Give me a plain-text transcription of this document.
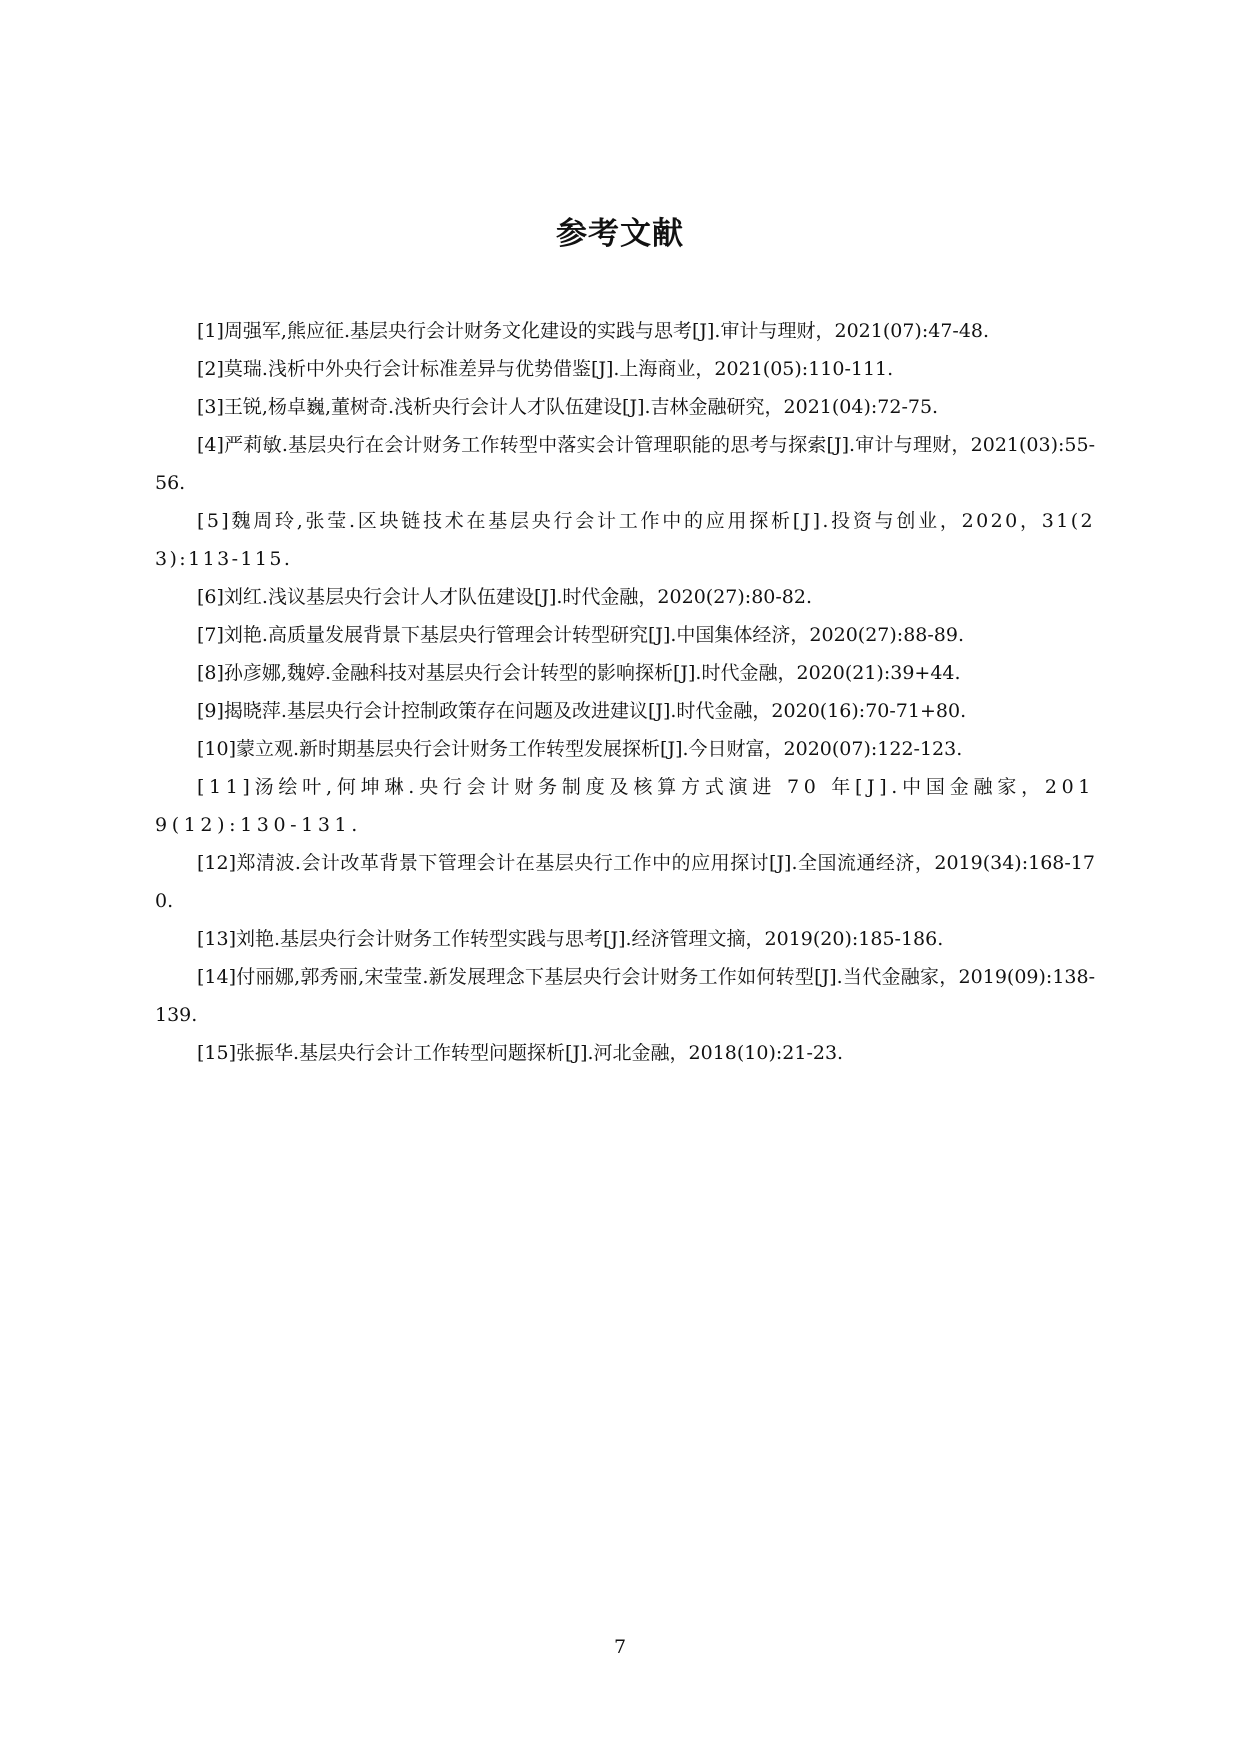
参考文献
[1]周强军,熊应征.基层央行会计财务文化建设的实践与思考[J].审计与理财，2021(07):47-48.
[2]莫瑞.浅析中外央行会计标准差异与优势借鉴[J].上海商业，2021(05):110-111.
[3]王锐,杨卓巍,董树奇.浅析央行会计人才队伍建设[J].吉林金融研究，2021(04):72-75.
[4]严莉敏.基层央行在会计财务工作转型中落实会计管理职能的思考与探索[J].审计与理财，2021(03):55-56.
[5]魏周玲,张莹.区块链技术在基层央行会计工作中的应用探析[J].投资与创业，2020，31(23):113-115.
[6]刘红.浅议基层央行会计人才队伍建设[J].时代金融，2020(27):80-82.
[7]刘艳.高质量发展背景下基层央行管理会计转型研究[J].中国集体经济，2020(27):88-89.
[8]孙彦娜,魏婷.金融科技对基层央行会计转型的影响探析[J].时代金融，2020(21):39+44.
[9]揭晓萍.基层央行会计控制政策存在问题及改进建议[J].时代金融，2020(16):70-71+80.
[10]蒙立观.新时期基层央行会计财务工作转型发展探析[J].今日财富，2020(07):122-123.
[11]汤绘叶,何坤琳.央行会计财务制度及核算方式演进 70 年[J].中国金融家，2019(12):130-131.
[12]郑清波.会计改革背景下管理会计在基层央行工作中的应用探讨[J].全国流通经济，2019(34):168-170.
[13]刘艳.基层央行会计财务工作转型实践与思考[J].经济管理文摘，2019(20):185-186.
[14]付丽娜,郭秀丽,宋莹莹.新发展理念下基层央行会计财务工作如何转型[J].当代金融家，2019(09):138-139.
[15]张振华.基层央行会计工作转型问题探析[J].河北金融，2018(10):21-23.
7
